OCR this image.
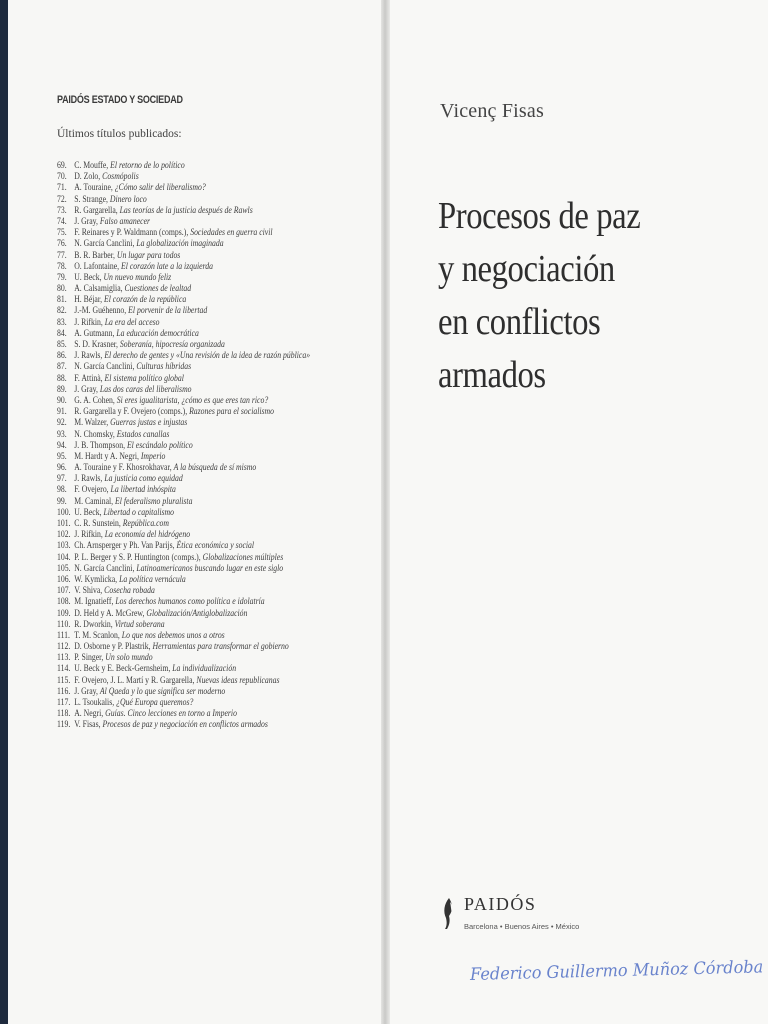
PAIDÓS ESTADO Y SOCIEDAD
Últimos títulos publicados:
69. C. Mouffe, El retorno de lo político
70. D. Zolo, Cosmópolis
71. A. Touraine, ¿Cómo salir del liberalismo?
72. S. Strange, Dinero loco
73. R. Gargarella, Las teorías de la justicia después de Rawls
74. J. Gray, Falso amanecer
75. F. Reinares y P. Waldmann (comps.), Sociedades en guerra civil
76. N. García Canclini, La globalización imaginada
77. B. R. Barber, Un lugar para todos
78. O. Lafontaine, El corazón late a la izquierda
79. U. Beck, Un nuevo mundo feliz
80. A. Calsamiglia, Cuestiones de lealtad
81. H. Béjar, El corazón de la república
82. J.-M. Guéhenno, El porvenir de la libertad
83. J. Rifkin, La era del acceso
84. A. Gutmann, La educación democrática
85. S. D. Krasner, Soberanía, hipocresía organizada
86. J. Rawls, El derecho de gentes y «Una revisión de la idea de razón pública»
87. N. García Canclini, Culturas híbridas
88. F. Attinà, El sistema político global
89. J. Gray, Las dos caras del liberalismo
90. G. A. Cohen, Si eres igualitarista, ¿cómo es que eres tan rico?
91. R. Gargarella y F. Ovejero (comps.), Razones para el socialismo
92. M. Walzer, Guerras justas e injustas
93. N. Chomsky, Estados canallas
94. J. B. Thompson, El escándalo político
95. M. Hardt y A. Negri, Imperio
96. A. Touraine y F. Khosrokhavar, A la búsqueda de sí mismo
97. J. Rawls, La justicia como equidad
98. F. Ovejero, La libertad inhóspita
99. M. Caminal, El federalismo pluralista
100. U. Beck, Libertad o capitalismo
101. C. R. Sunstein, República.com
102. J. Rifkin, La economía del hidrógeno
103. Ch. Arnsperger y Ph. Van Parijs, Ética económica y social
104. P. L. Berger y S. P. Huntington (comps.), Globalizaciones múltiples
105. N. García Canclini, Latinoamericanos buscando lugar en este siglo
106. W. Kymlicka, La política vernácula
107. V. Shiva, Cosecha robada
108. M. Ignatieff, Los derechos humanos como política e idolatría
109. D. Held y A. McGrew, Globalización/Antiglobalización
110. R. Dworkin, Virtud soberana
111. T. M. Scanlon, Lo que nos debemos unos a otros
112. D. Osborne y P. Plastrik, Herramientas para transformar el gobierno
113. P. Singer, Un solo mundo
114. U. Beck y E. Beck-Gernsheim, La individualización
115. F. Ovejero, J. L. Martí y R. Gargarella, Nuevas ideas republicanas
116. J. Gray, Al Qaeda y lo que significa ser moderno
117. L. Tsoukalis, ¿Qué Europa queremos?
118. A. Negri, Guías. Cinco lecciones en torno a Imperio
119. V. Fisas, Procesos de paz y negociación en conflictos armados
Vicenç Fisas
Procesos de paz
y negociación
en conflictos
armados
PAIDÓS
Barcelona • Buenos Aires • México
Federico Guillermo Muñoz Córdoba
